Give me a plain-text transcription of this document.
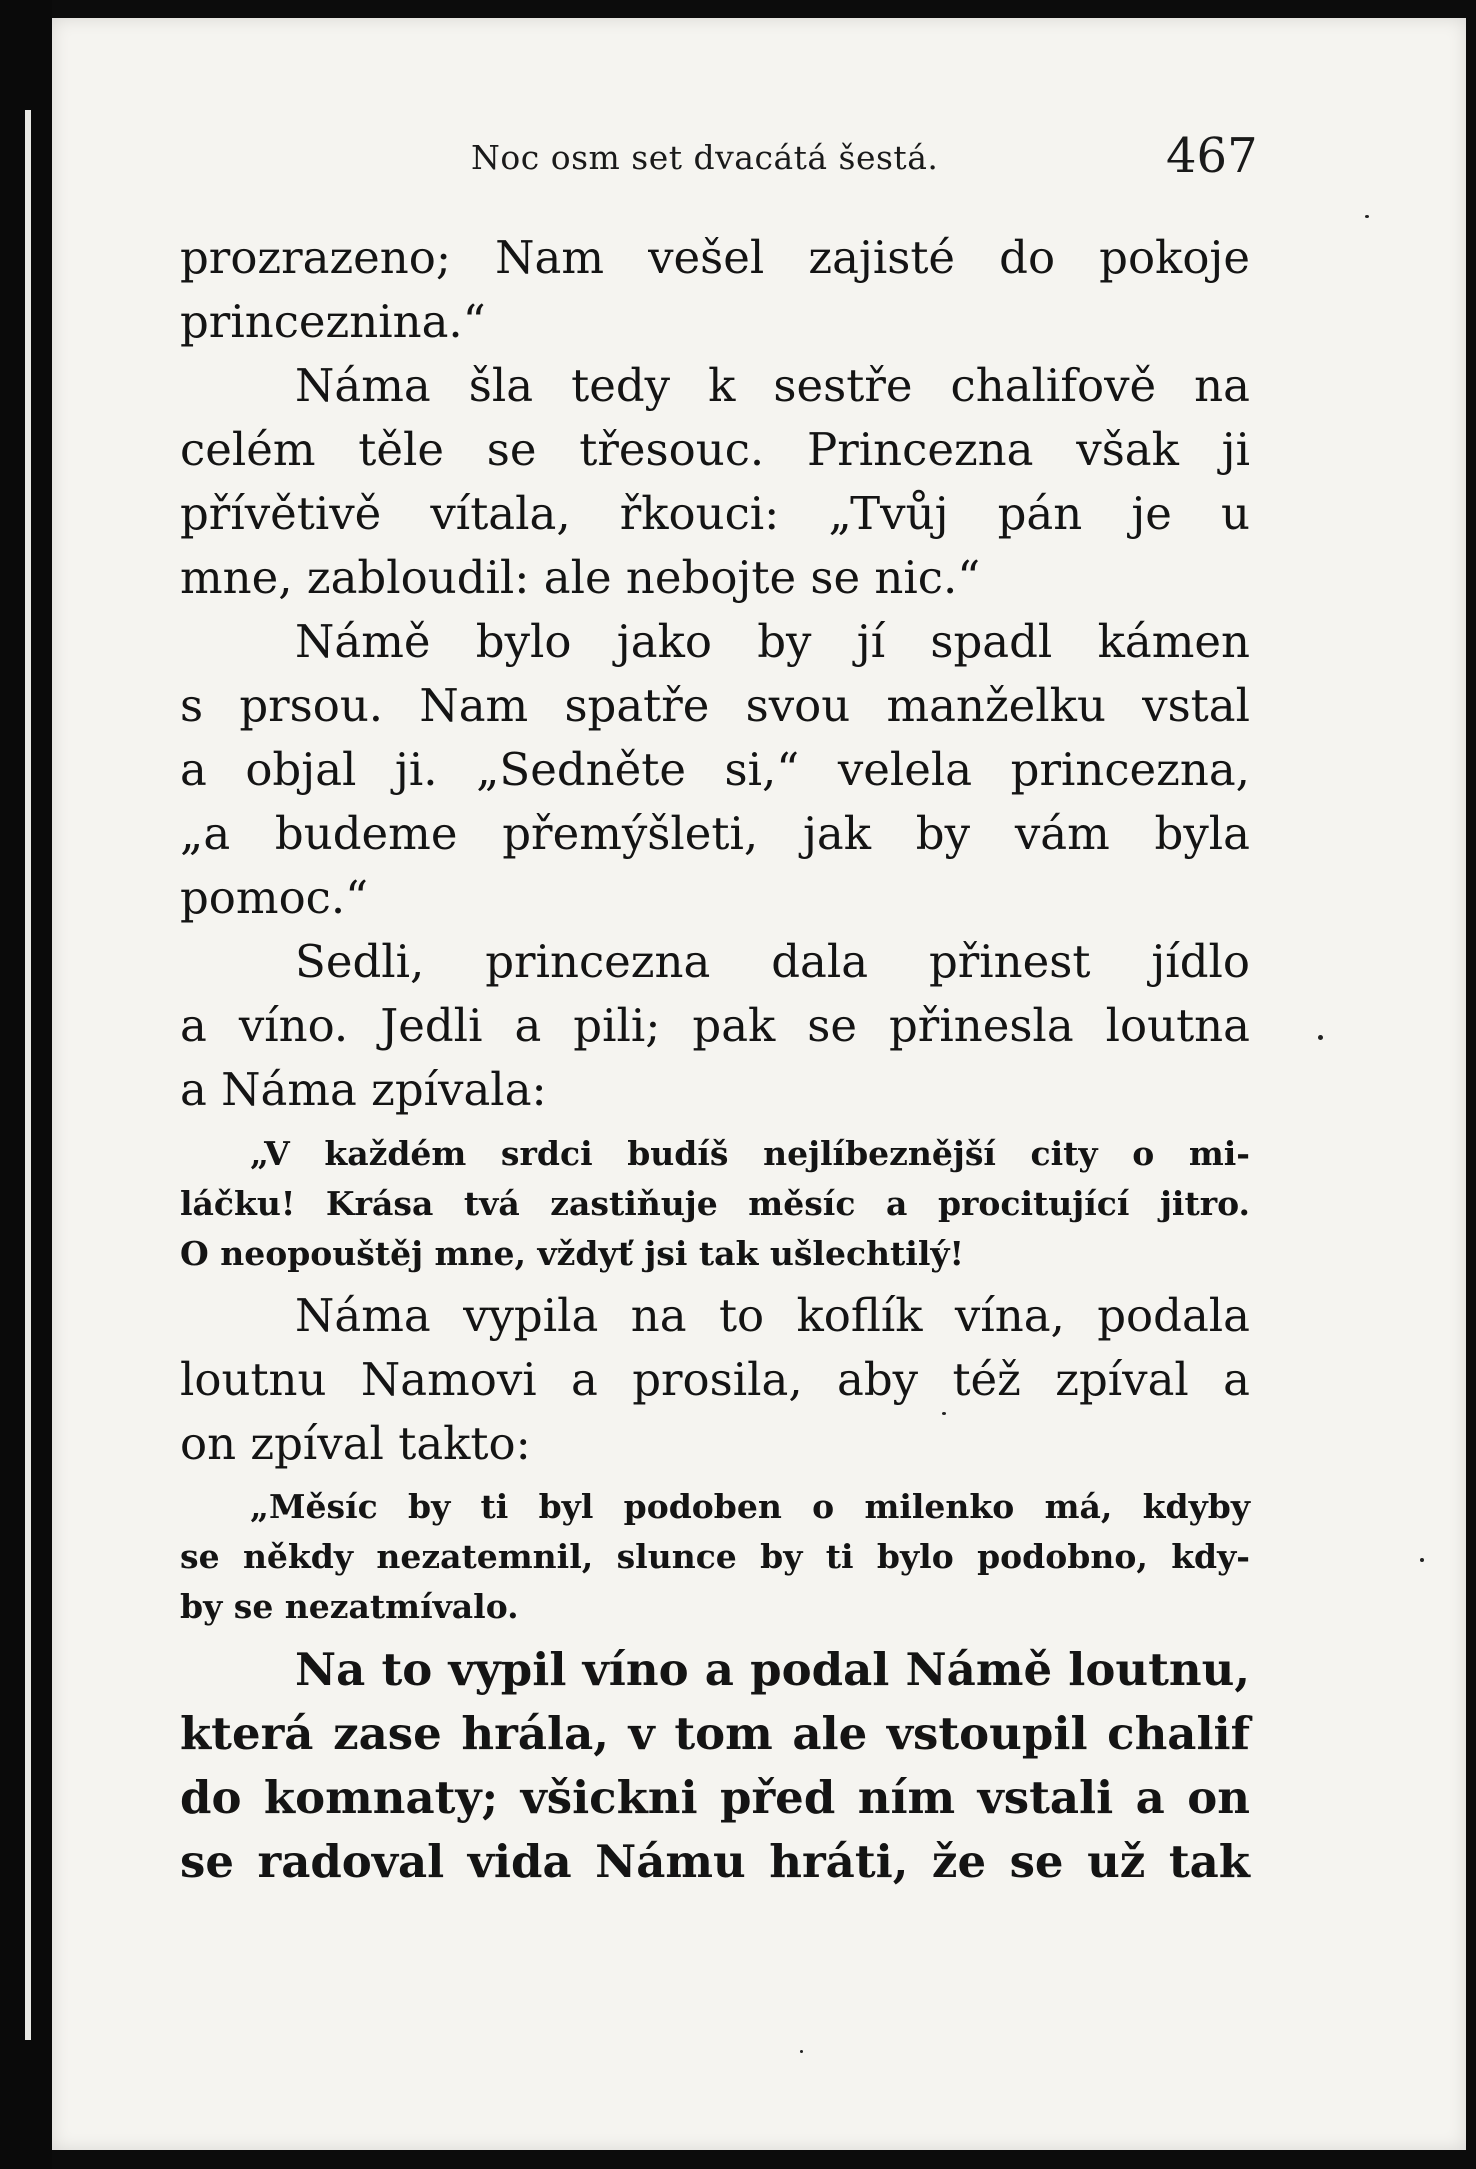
Noc osm set dvacátá šestá.	467
prozrazeno; Nam vešel zajisté do pokoje
princeznina.“
Náma šla tedy k sestře chalifově na
celém těle se třesouc. Princezna však ji
přívětivě vítala, řkouci: „Tvůj pán je u
mne, zabloudil: ale nebojte se nic.“
Námě bylo jako by jí spadl kámen
s prsou. Nam spatře svou manželku vstal
a objal ji. „Sedněte si,“ velela princezna,
„a budeme přemýšleti, jak by vám byla
pomoc.“
Sedli, princezna dala přinest jídlo
a víno. Jedli a pili; pak se přinesla loutna
a Náma zpívala:
„V každém srdci budíš nejlíbeznější city o mi-
láčku! Krása tvá zastiňuje měsíc a procitující jitro.
O neopouštěj mne, vždyť jsi tak ušlechtilý!
Náma vypila na to koflík vína, podala
loutnu Namovi a prosila, aby též zpíval a
on zpíval takto:
„Měsíc by ti byl podoben o milenko má, kdyby
se někdy nezatemnil, slunce by ti bylo podobno, kdy-
by se nezatmívalo.
Na to vypil víno a podal Námě loutnu,
která zase hrála, v tom ale vstoupil chalif
do komnaty; všickni před ním vstali a on
se radoval vida Námu hráti, že se už tak
